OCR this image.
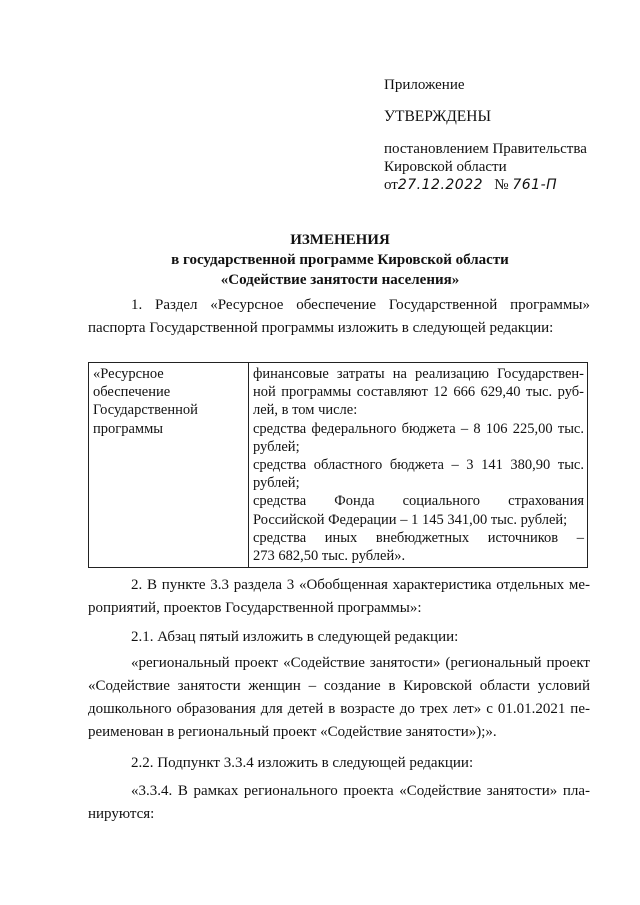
Приложение
УТВЕРЖДЕНЫ
постановлением Правительства
Кировской области
от27.12.2022 № 761-П
ИЗМЕНЕНИЯ
в государственной программе Кировской области
«Содействие занятости населения»
1. Раздел «Ресурсное обеспечение Государственной программы»
паспорта Государственной программы изложить в следующей редакции:
«Ресурсное
обеспечение
Государственной
программы

финансовые затраты на реализацию Государствен-
ной программы составляют 12 666 629,40 тыс. руб-
лей, в том числе:
средства федерального бюджета – 8 106 225,00 тыс.
рублей;
средства областного бюджета – 3 141 380,90 тыс.
рублей;
средства Фонда социального страхования
Российской Федерации – 1 145 341,00 тыс. рублей;
средства иных внебюджетных источников –
273 682,50 тыс. рублей».
2. В пункте 3.3 раздела 3 «Обобщенная характеристика отдельных ме-
роприятий, проектов Государственной программы»:
2.1. Абзац пятый изложить в следующей редакции:
«региональный проект «Содействие занятости» (региональный проект
«Содействие занятости женщин – создание в Кировской области условий
дошкольного образования для детей в возрасте до трех лет» с 01.01.2021 пе-
реименован в региональный проект «Содействие занятости»);».
2.2. Подпункт 3.3.4 изложить в следующей редакции:
«3.3.4. В рамках регионального проекта «Содействие занятости» пла-
нируются:
